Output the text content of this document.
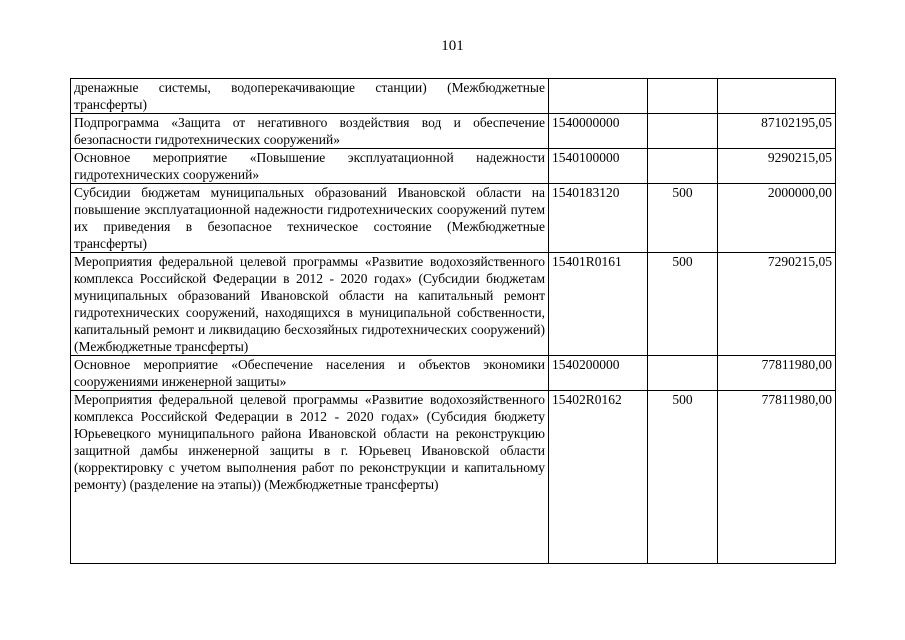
101
дренажные системы, водоперекачивающие станции) (Межбюджетные трансферты)			
Подпрограмма «Защита от негативного воздействия вод и обеспечение безопасности гидротехнических сооружений»	1540000000		87102195,05
Основное мероприятие «Повышение эксплуатационной надежности гидротехнических сооружений»	1540100000		9290215,05
Субсидии бюджетам муниципальных образований Ивановской области на повышение эксплуатационной надежности гидротехнических сооружений путем их приведения в безопасное техническое состояние (Межбюджетные трансферты)	1540183120	500	2000000,00
Мероприятия федеральной целевой программы «Развитие водохозяйственного комплекса Российской Федерации в 2012 - 2020 годах» (Субсидии бюджетам муниципальных образований Ивановской области на капитальный ремонт гидротехнических сооружений, находящихся в муниципальной собственности, капитальный ремонт и ликвидацию бесхозяйных гидротехнических сооружений) (Межбюджетные трансферты)	15401R0161	500	7290215,05
Основное мероприятие «Обеспечение населения и объектов экономики сооружениями инженерной защиты»	1540200000		77811980,00
Мероприятия федеральной целевой программы «Развитие водохозяйственного комплекса Российской Федерации в 2012 - 2020 годах» (Субсидия бюджету Юрьевецкого муниципального района Ивановской области на реконструкцию защитной дамбы инженерной защиты в г. Юрьевец Ивановской области (корректировку с учетом выполнения работ по реконструкции и капитальному ремонту) (разделение на этапы)) (Межбюджетные трансферты)	15402R0162	500	77811980,00
